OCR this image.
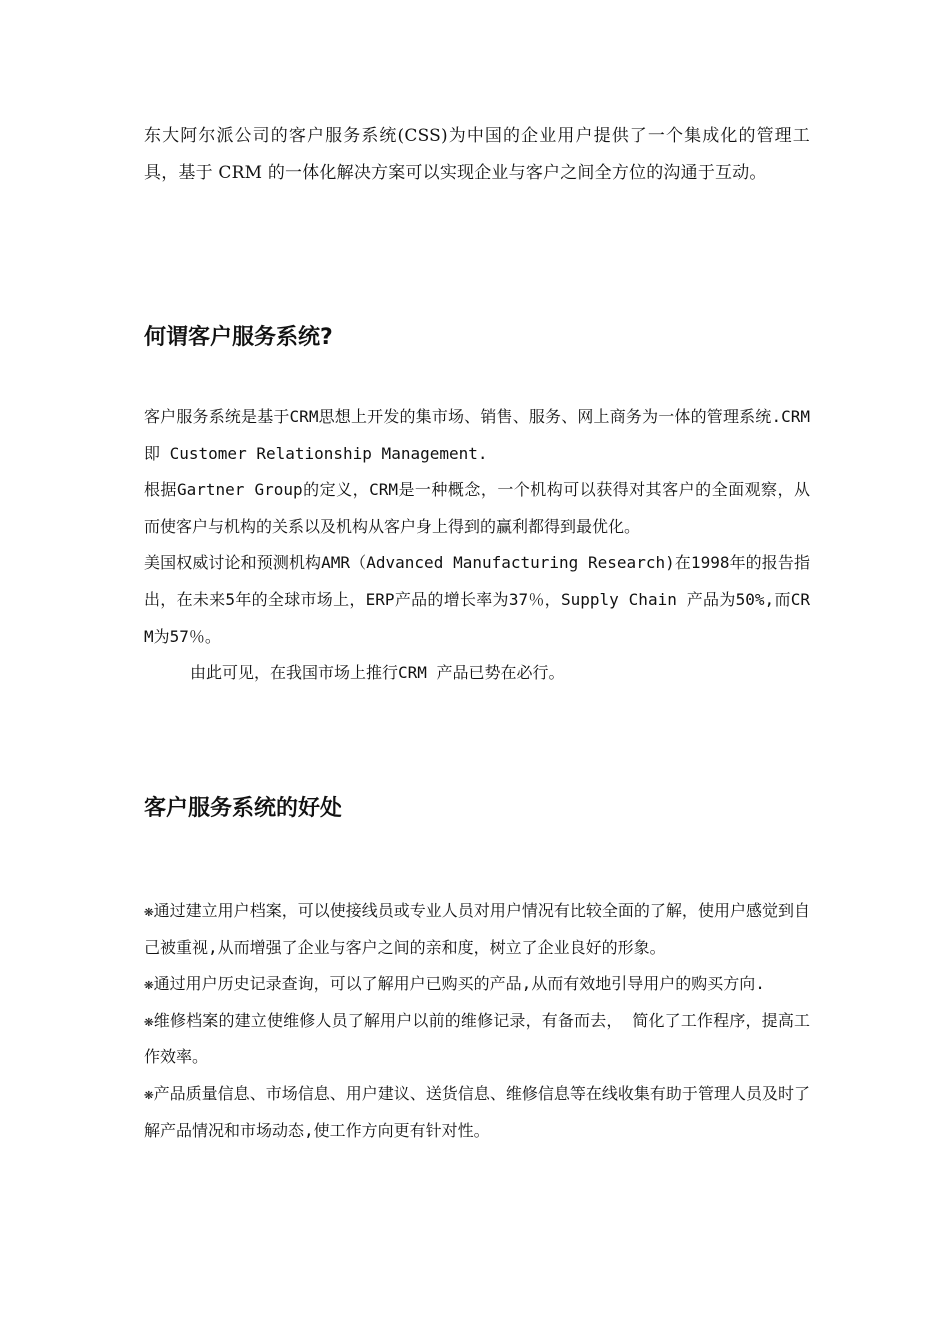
东大阿尔派公司的客户服务系统(CSS)为中国的企业用户提供了一个集成化的管理工具，基于 CRM 的一体化解决方案可以实现企业与客户之间全方位的沟通于互动。

何谓客户服务系统?

客户服务系统是基于CRM思想上开发的集市场、销售、服务、网上商务为一体的管理系统.CRM 即 Customer Relationship Management.

根据Gartner Group的定义，CRM是一种概念，一个机构可以获得对其客户的全面观察，从而使客户与机构的关系以及机构从客户身上得到的赢利都得到最优化。

美国权威讨论和预测机构AMR（Advanced Manufacturing Research)在1998年的报告指出，在未来5年的全球市场上，ERP产品的增长率为37％，Supply Chain 产品为50%,而CRM为57％。

由此可见，在我国市场上推行CRM 产品已势在必行。

客户服务系统的好处

❋通过建立用户档案，可以使接线员或专业人员对用户情况有比较全面的了解，使用户感觉到自己被重视,从而增强了企业与客户之间的亲和度，树立了企业良好的形象。

❋通过用户历史记录查询，可以了解用户已购买的产品,从而有效地引导用户的购买方向.

❋维修档案的建立使维修人员了解用户以前的维修记录，有备而去， 简化了工作程序，提高工作效率。

❋产品质量信息、市场信息、用户建议、送货信息、维修信息等在线收集有助于管理人员及时了解产品情况和市场动态,使工作方向更有针对性。
